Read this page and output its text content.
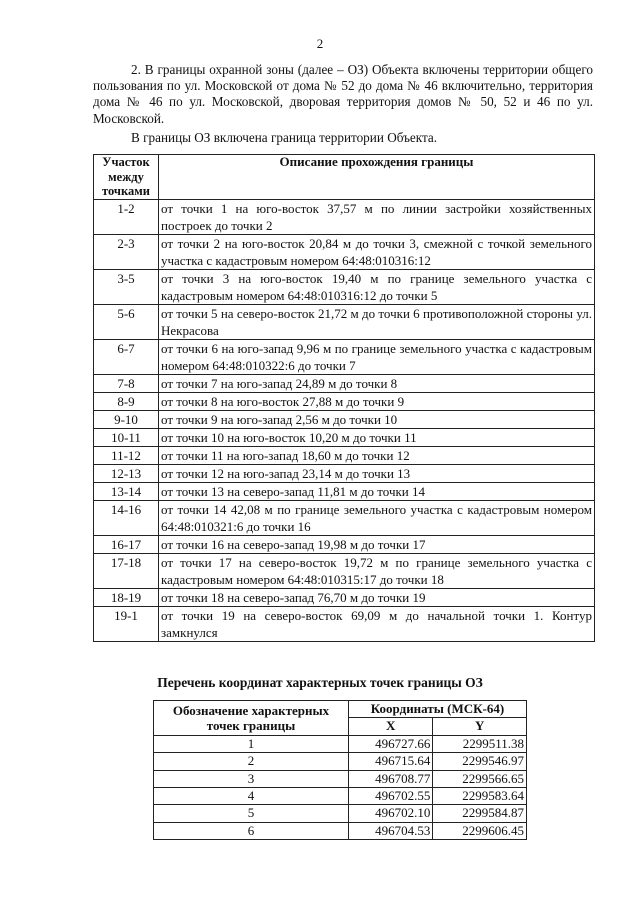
2

2. В границы охранной зоны (далее – ОЗ) Объекта включены территории общего пользования по ул. Московской от дома № 52 до дома № 46 включительно, территория дома № 46 по ул. Московской, дворовая территория домов № 50, 52 и 46 по ул. Московской.

В границы ОЗ включена граница территории Объекта.

Участок между точками	Описание прохождения границы
1-2	от точки 1 на юго-восток 37,57 м по линии застройки хозяйственных построек до точки 2
2-3	от точки 2 на юго-восток 20,84 м до точки 3, смежной с точкой земельного участка с кадастровым номером 64:48:010316:12
3-5	от точки 3 на юго-восток 19,40 м по границе земельного участка с кадастровым номером 64:48:010316:12 до точки 5
5-6	от точки 5 на северо-восток 21,72 м до точки 6 противоположной стороны ул. Некрасова
6-7	от точки 6 на юго-запад 9,96 м по границе земельного участка с кадастровым номером 64:48:010322:6 до точки 7
7-8	от точки 7 на юго-запад 24,89 м до точки 8
8-9	от точки 8 на юго-восток 27,88 м до точки 9
9-10	от точки 9 на юго-запад 2,56 м до точки 10
10-11	от точки 10 на юго-восток 10,20 м до точки 11
11-12	от точки 11 на юго-запад 18,60 м до точки 12
12-13	от точки 12 на юго-запад 23,14 м до точки 13
13-14	от точки 13 на северо-запад 11,81 м до точки 14
14-16	от точки 14 42,08 м по границе земельного участка с кадастровым номером 64:48:010321:6 до точки 16
16-17	от точки 16 на северо-запад 19,98 м до точки 17
17-18	от точки 17 на северо-восток 19,72 м по границе земельного участка с кадастровым номером 64:48:010315:17 до точки 18
18-19	от точки 18 на северо-запад 76,70 м до точки 19
19-1	от точки 19 на северо-восток 69,09 м до начальной точки 1. Контур замкнулся
Перечень координат характерных точек границы ОЗ
Обозначение характерных точек границы	Координаты (МСК-64)	
	X	Y
1	496727.66	2299511.38
2	496715.64	2299546.97
3	496708.77	2299566.65
4	496702.55	2299583.64
5	496702.10	2299584.87
6	496704.53	2299606.45
